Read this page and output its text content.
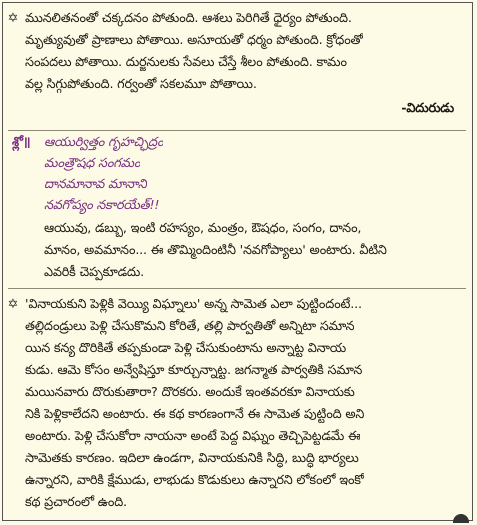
✡ మునలితనంతో చక్కదనం పోతుంది. ఆశలు పెరిగితే ధైర్యం పోతుంది.
మృత్యువుతో ప్రాణాలు పోతాయి. అసూయతో ధర్మం పోతుంది. క్రోధంతో
సంపదలు పోతాయి. దుర్జనులకు సేవలు చేస్తే శీలం పోతుంది. కామం
వల్ల సిగ్గుపోతుంది. గర్వంతో సకలమూ పోతాయి.
-విదురుడు
శ్లో॥ ఆయుర్విత్తం గృహచ్ఛిద్రం
మంత్రౌషధ సంగమం
దానమానావ మానాని
నవగోప్యం నకారయేత్!!
ఆయువు, డబ్బు, ఇంటి రహస్యం, మంత్రం, ఔషధం, సంగం, దానం,
మానం, అవమానం... ఈ తొమ్మిందింటినీ 'నవగోప్యాలు' అంటారు. వీటిని
ఎవరికీ చెప్పకూడదు.
✡ 'వినాయకుని పెళ్లికి వెయ్యి విఘ్నాలు' అన్న సామెత ఎలా పుట్టిందంటే...
తల్లిదండ్రులు పెళ్లి చేసుకొమని కోరితే, తల్లి పార్వతితో అన్నిటా సమాన
యిన కన్య దొరికితే తప్పకుండా పెళ్లి చేసుకుంటాను అన్నాట్ట వినాయ
కుడు. ఆమె కోసం అన్వేషిస్తూ కూర్చున్నాట్ట. జగన్మాత పార్వతికి సమాన
మయినవారు దొరుకుతారా? దొరకరు. అందుకే ఇంతవరకూ వినాయకు
నికి పెళ్లికాలేదని అంటారు. ఈ కథ కారణంగానే ఈ సామెత పుట్టింది అని
అంటారు. పెళ్లి చేసుకోరా నాయనా అంటే పెద్ద విఘ్నం తెచ్చిపెట్టడమే ఈ
సామెతకు కారణం. ఇదిలా ఉండగా, వినాయకునికి సిద్ధి, బుద్ధి భార్యలు
ఉన్నారని, వారికి క్షేముడు, లాభుడు కొడుకులు ఉన్నారని లోకంలో ఇంకో
కథ ప్రచారంలో ఉంది.
